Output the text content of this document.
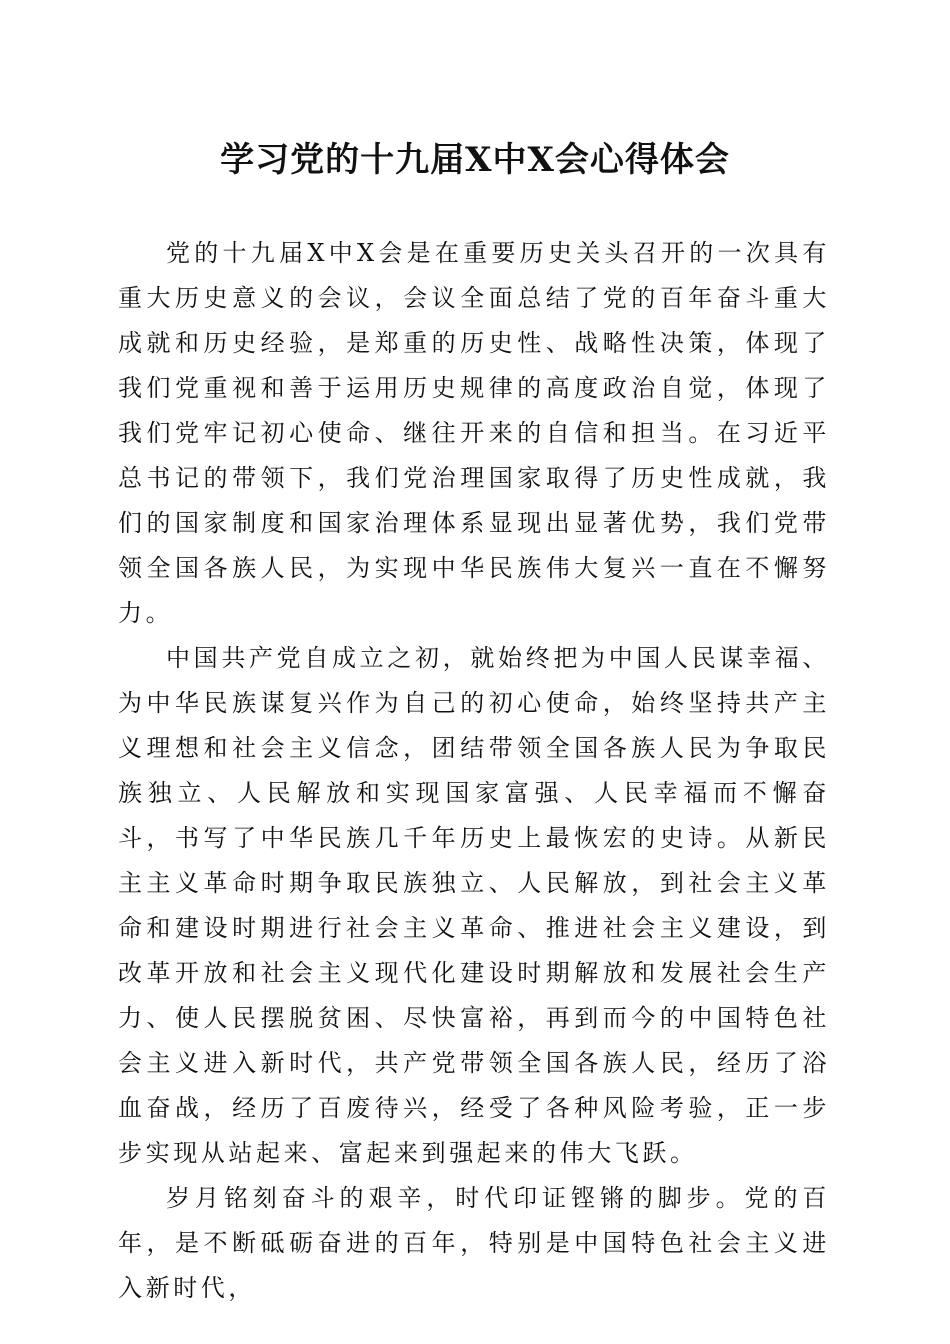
学习党的十九届X中X会心得体会

党的十九届X中X会是在重要历史关头召开的一次具有重大历史意义的会议，会议全面总结了党的百年奋斗重大成就和历史经验，是郑重的历史性、战略性决策，体现了我们党重视和善于运用历史规律的高度政治自觉，体现了我们党牢记初心使命、继往开来的自信和担当。在习近平总书记的带领下，我们党治理国家取得了历史性成就，我们的国家制度和国家治理体系显现出显著优势，我们党带领全国各族人民，为实现中华民族伟大复兴一直在不懈努力。

中国共产党自成立之初，就始终把为中国人民谋幸福、为中华民族谋复兴作为自己的初心使命，始终坚持共产主义理想和社会主义信念，团结带领全国各族人民为争取民族独立、人民解放和实现国家富强、人民幸福而不懈奋斗，书写了中华民族几千年历史上最恢宏的史诗。从新民主主义革命时期争取民族独立、人民解放，到社会主义革命和建设时期进行社会主义革命、推进社会主义建设，到改革开放和社会主义现代化建设时期解放和发展社会生产力、使人民摆脱贫困、尽快富裕，再到而今的中国特色社会主义进入新时代，共产党带领全国各族人民，经历了浴血奋战，经历了百废待兴，经受了各种风险考验，正一步步实现从站起来、富起来到强起来的伟大飞跃。

岁月铭刻奋斗的艰辛，时代印证铿锵的脚步。党的百年，是不断砥砺奋进的百年，特别是中国特色社会主义进入新时代，
